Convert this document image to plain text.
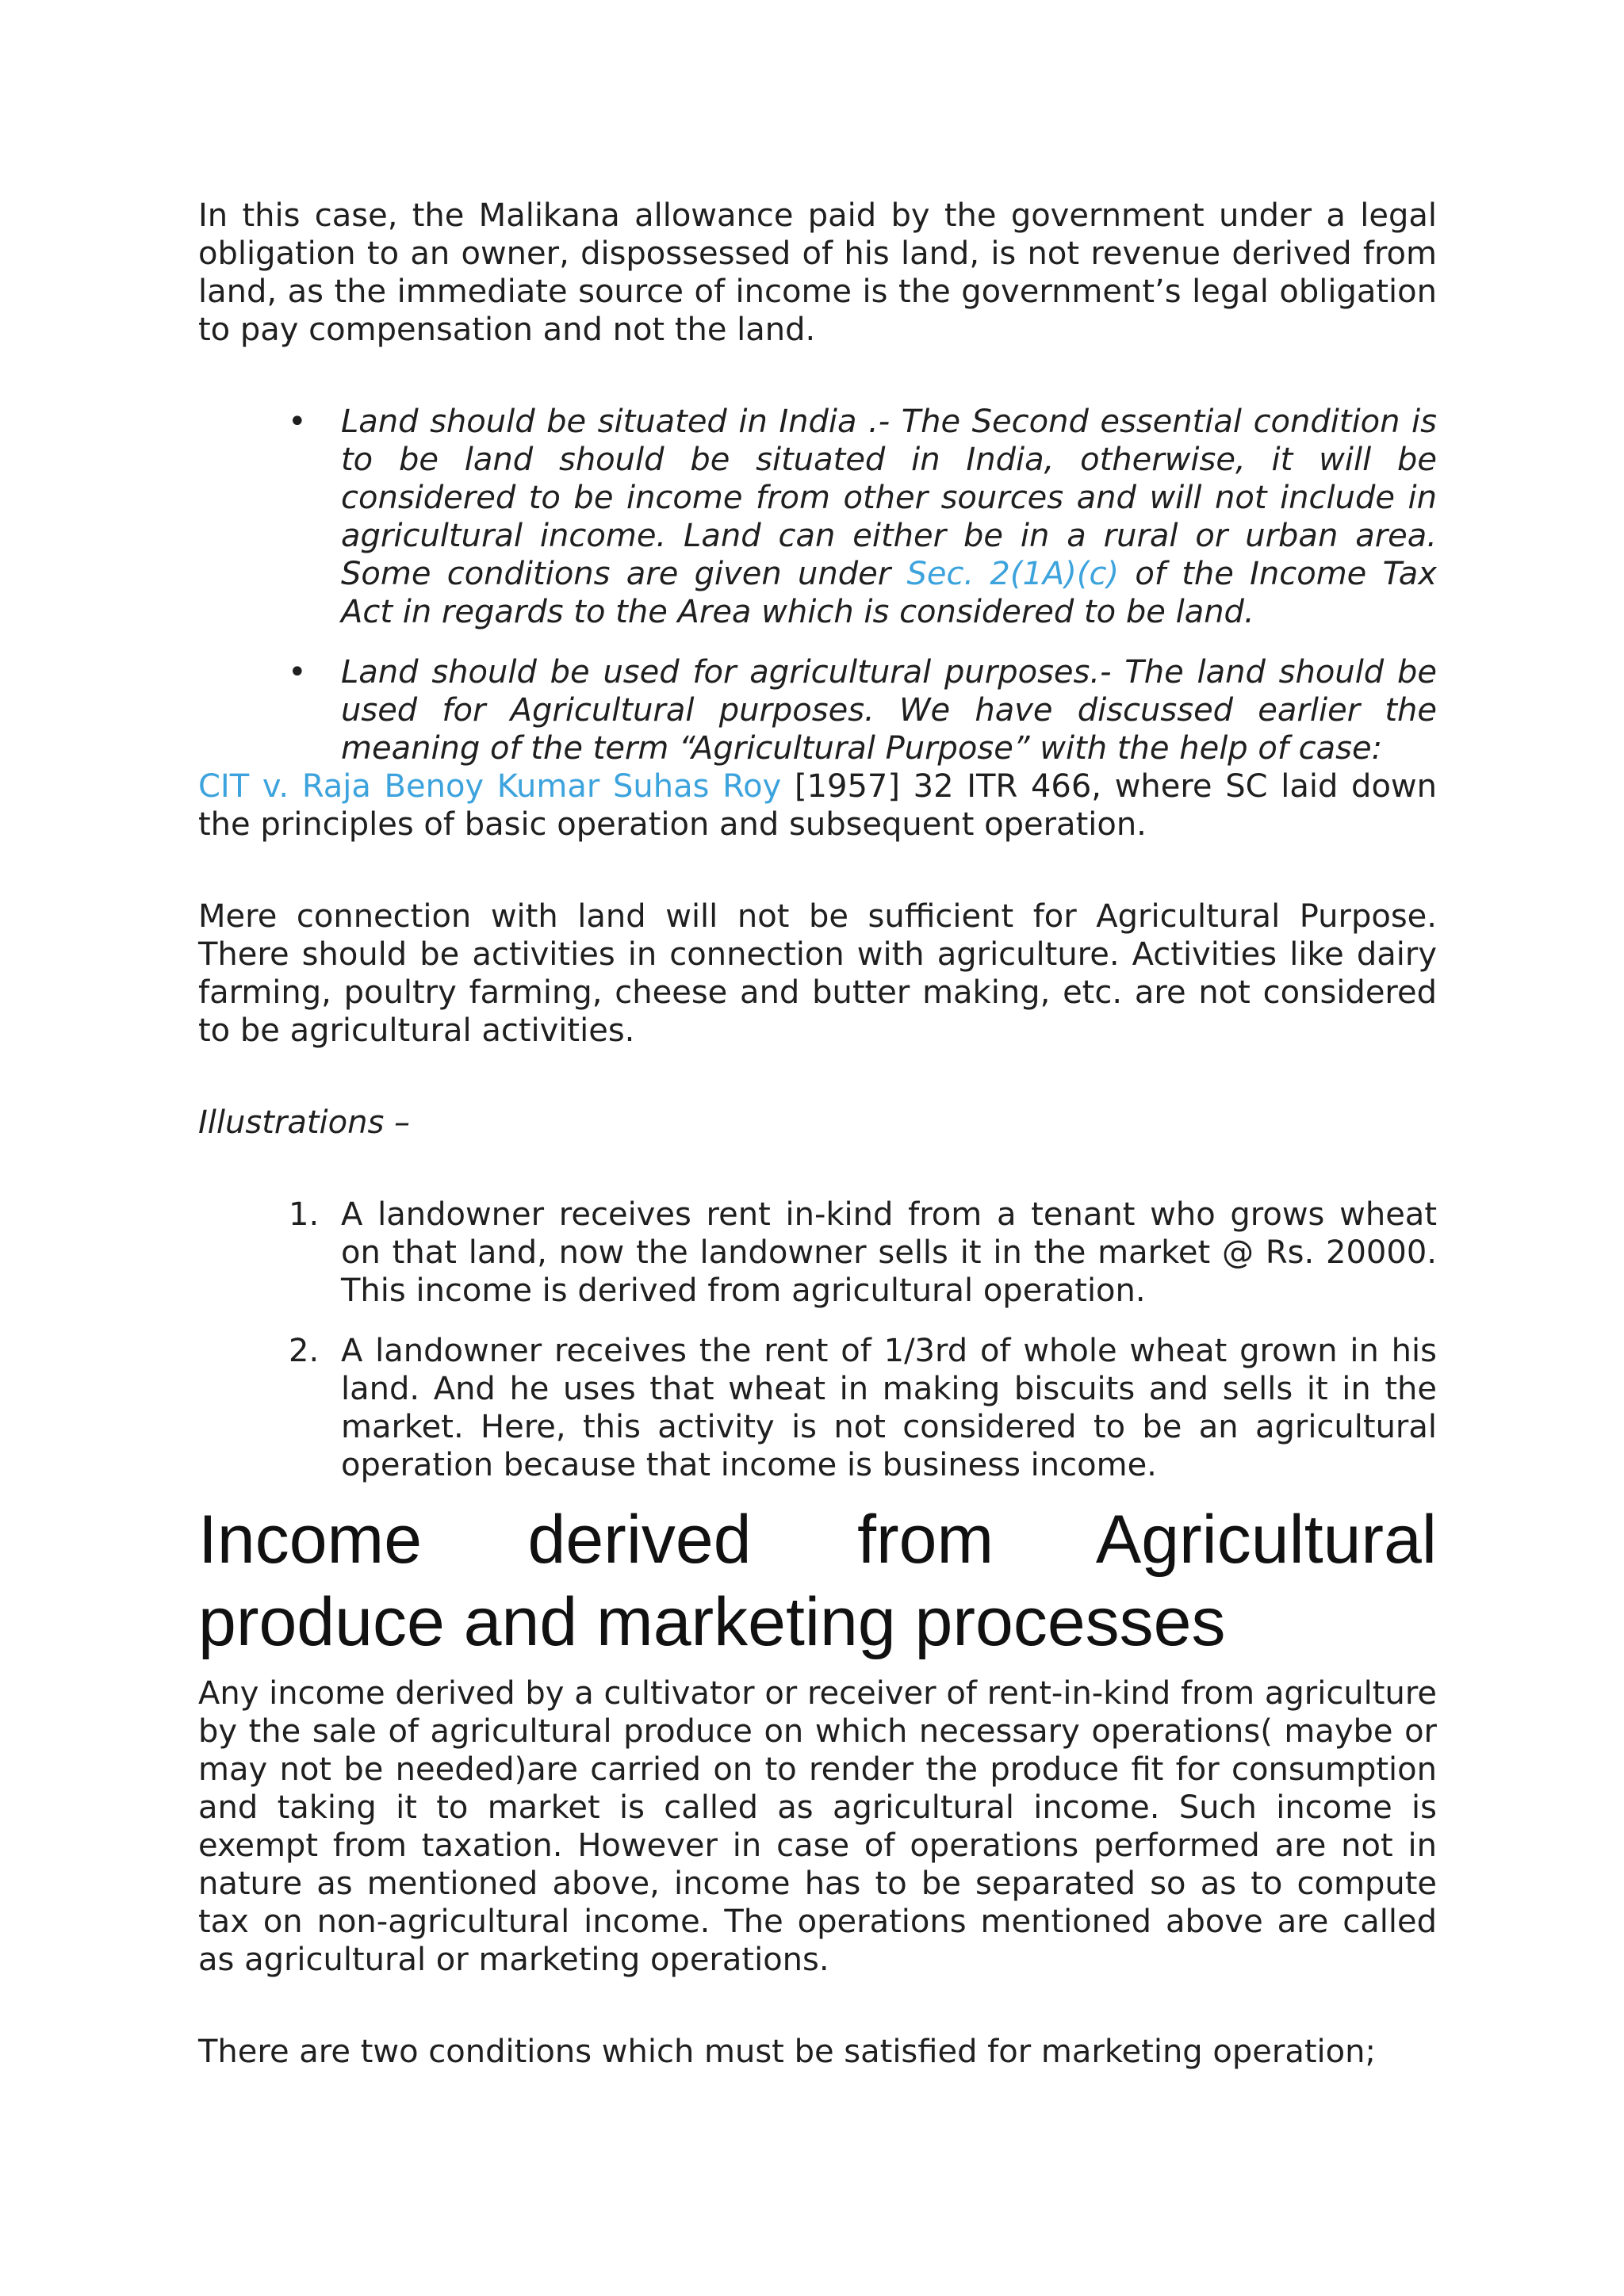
In this case, the Malikana allowance paid by the government under a legal obligation to an owner, dispossessed of his land, is not revenue derived from land, as the immediate source of income is the government’s legal obligation to pay compensation and not the land.

• Land should be situated in India .- The Second essential condition is to be land should be situated in India, otherwise, it will be considered to be income from other sources and will not include in agricultural income. Land can either be in a rural or urban area. Some conditions are given under Sec. 2(1A)(c) of the Income Tax Act in regards to the Area which is considered to be land.
• Land should be used for agricultural purposes.- The land should be used for Agricultural purposes. We have discussed earlier the meaning of the term “Agricultural Purpose” with the help of case:

CIT v. Raja Benoy Kumar Suhas Roy [1957] 32 ITR 466, where SC laid down the principles of basic operation and subsequent operation.

Mere connection with land will not be sufficient for Agricultural Purpose. There should be activities in connection with agriculture. Activities like dairy farming, poultry farming, cheese and butter making, etc. are not considered to be agricultural activities.

Illustrations –

1. A landowner receives rent in-kind from a tenant who grows wheat on that land, now the landowner sells it in the market @ Rs. 20000. This income is derived from agricultural operation.
2. A landowner receives the rent of 1/3rd of whole wheat grown in his land. And he uses that wheat in making biscuits and sells it in the market. Here, this activity is not considered to be an agricultural operation because that income is business income.
Income derived from Agricultural produce and marketing processes

Any income derived by a cultivator or receiver of rent-in-kind from agriculture by the sale of agricultural produce on which necessary operations( maybe or may not be needed)are carried on to render the produce fit for consumption and taking it to market is called as agricultural income. Such income is exempt from taxation. However in case of operations performed are not in nature as mentioned above, income has to be separated so as to compute tax on non-agricultural income. The operations mentioned above are called as agricultural or marketing operations.

There are two conditions which must be satisfied for marketing operation;
